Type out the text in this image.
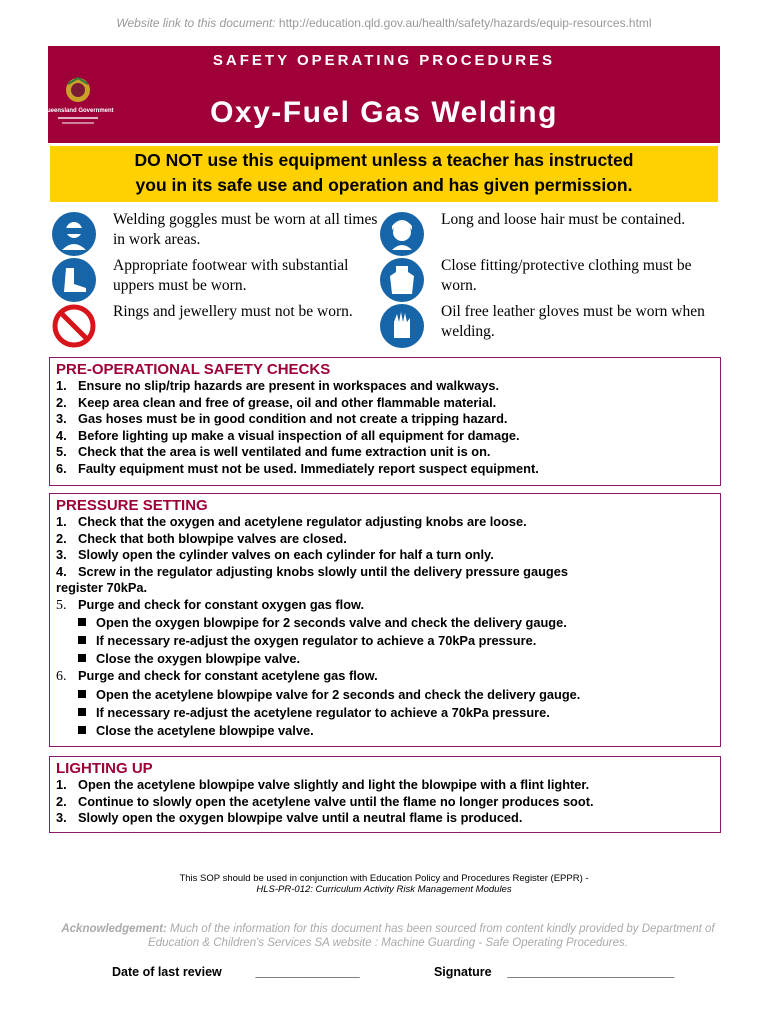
Website link to this document: http://education.qld.gov.au/health/safety/hazards/equip-resources.html
SAFETY OPERATING PROCEDURES
Queensland Government	Oxy-Fuel Gas Welding
DO NOT use this equipment unless a teacher has instructed
you in its safe use and operation and has given permission.
Welding goggles must be worn at all times in work areas.
Long and loose hair must be contained.
Appropriate footwear with substantial uppers must be worn.
Close fitting/protective clothing must be worn.
Rings and jewellery must not be worn.	Oil free leather gloves must be worn when welding.
PRE-OPERATIONAL SAFETY CHECKS
1. Ensure no slip/trip hazards are present in workspaces and walkways.
2. Keep area clean and free of grease, oil and other flammable material.
3. Gas hoses must be in good condition and not create a tripping hazard.
4. Before lighting up make a visual inspection of all equipment for damage.
5. Check that the area is well ventilated and fume extraction unit is on.
6. Faulty equipment must not be used. Immediately report suspect equipment.
PRESSURE SETTING
1. Check that the oxygen and acetylene regulator adjusting knobs are loose.
2. Check that both blowpipe valves are closed.
3. Slowly open the cylinder valves on each cylinder for half a turn only.
4. Screw in the regulator adjusting knobs slowly until the delivery pressure gauges
register 70kPa.
5. Purge and check for constant oxygen gas flow.
Open the oxygen blowpipe for 2 seconds valve and check the delivery gauge.
If necessary re-adjust the oxygen regulator to achieve a 70kPa pressure.
Close the oxygen blowpipe valve.
6. Purge and check for constant acetylene gas flow.
Open the acetylene blowpipe valve for 2 seconds and check the delivery gauge.
If necessary re-adjust the acetylene regulator to achieve a 70kPa pressure.
Close the acetylene blowpipe valve.
LIGHTING UP
1. Open the acetylene blowpipe valve slightly and light the blowpipe with a flint lighter.
2. Continue to slowly open the acetylene valve until the flame no longer produces soot.
3. Slowly open the oxygen blowpipe valve until a neutral flame is produced.
This SOP should be used in conjunction with Education Policy and Procedures Register (EPPR) -
HLS-PR-012: Curriculum Activity Risk Management Modules
Acknowledgement: Much of the information for this document has been sourced from content kindly provided by Department of Education & Children's Services SA website : Machine Guarding - Safe Operating Procedures.
Date of last review	_______________	Signature ________________________
